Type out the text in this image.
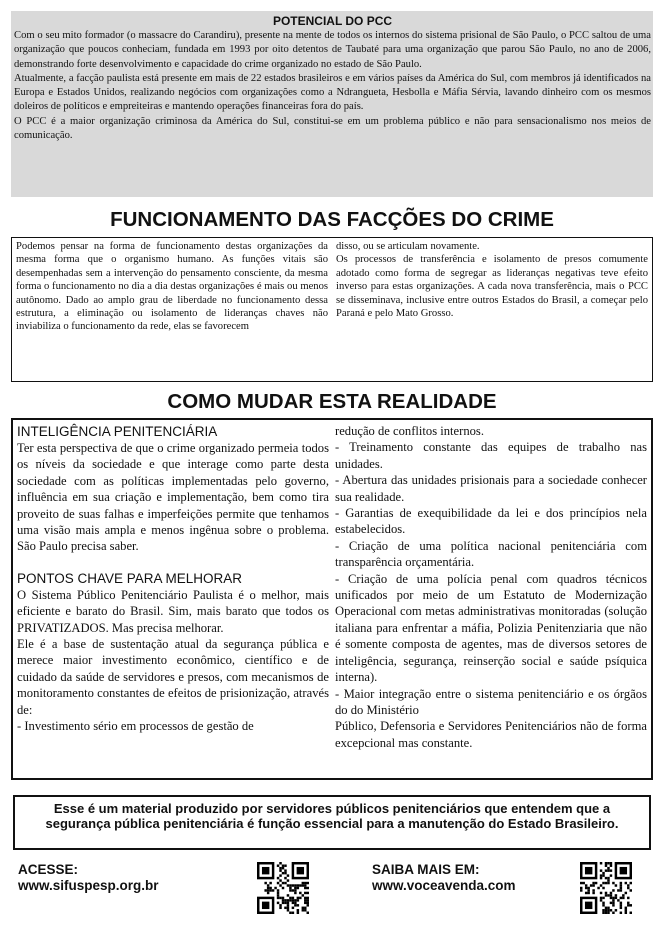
POTENCIAL DO PCC

Com o seu mito formador (o massacre do Carandiru), presente na mente de todos os internos do sistema prisional de São Paulo, o PCC saltou de uma organização que poucos conheciam, fundada em 1993 por oito detentos de Taubaté para uma organização que parou São Paulo, no ano de 2006, demonstrando forte desenvolvimento e capacidade do crime organizado no estado de São Paulo.

Atualmente, a facção paulista está presente em mais de 22 estados brasileiros e em vários países da América do Sul, com membros já identificados na Europa e Estados Unidos, realizando negócios com organizações como a Ndrangueta, Hesbolla e Máfia Sérvia, lavando dinheiro com os mesmos doleiros de políticos e empreiteiras e mantendo operações financeiras fora do país.

O PCC é a maior organização criminosa da América do Sul, constitui-se em um problema público e não para sensacionalismo nos meios de comunicação.

FUNCIONAMENTO DAS FACÇÕES DO CRIME

Podemos pensar na forma de funcionamento destas organizações da mesma forma que o organismo humano. As funções vitais são desempenhadas sem a intervenção do pensamento consciente, da mesma forma o funcionamento no dia a dia destas organizações é mais ou menos autônomo. Dado ao amplo grau de liberdade no funcionamento dessa estrutura, a eliminação ou isolamento de lideranças chaves não inviabiliza o funcionamento da rede, elas se favorecem

disso, ou se articulam novamente.

Os processos de transferência e isolamento de presos comumente adotado como forma de segregar as lideranças negativas teve efeito inverso para estas organizações. A cada nova transferência, mais o PCC se disseminava, inclusive entre outros Estados do Brasil, a começar pelo Paraná e pelo Mato Grosso.

COMO MUDAR ESTA REALIDADE
INTELIGÊNCIA PENITENCIÁRIA

Ter esta perspectiva de que o crime organizado permeia todos os níveis da sociedade e que interage como parte desta sociedade com as políticas implementadas pelo governo, influência em sua criação e implementação, bem como tira proveito de suas falhas e imperfeições permite que tenhamos uma visão mais ampla e menos ingênua sobre o problema. São Paulo precisa saber.

PONTOS CHAVE PARA MELHORAR

O Sistema Público Penitenciário Paulista é o melhor, mais eficiente e barato do Brasil. Sim, mais barato que todos os PRIVATIZADOS. Mas precisa melhorar.

Ele é a base de sustentação atual da segurança pública e merece maior investimento econômico, científico e de cuidado da saúde de servidores e presos, com mecanismos de monitoramento constantes de efeitos de prisionização, através de:

- Investimento sério em processos de gestão de

redução de conflitos internos.

- Treinamento constante das equipes de trabalho nas unidades.

- Abertura das unidades prisionais para a sociedade conhecer sua realidade.

- Garantias de exequibilidade da lei e dos princípios nela estabelecidos.

- Criação de uma política nacional penitenciária com transparência orçamentária.

- Criação de uma polícia penal com quadros técnicos unificados por meio de um Estatuto de Modernização Operacional com metas administrativas monitoradas (solução italiana para enfrentar a máfia, Polizia Penitenziaria que não é somente composta de agentes, mas de diversos setores de inteligência, segurança, reinserção social e saúde psíquica interna).

- Maior integração entre o sistema penitenciário e os órgãos do do Ministério

Público, Defensoria e Servidores Penitenciários não de forma excepcional mas constante.

Esse é um material produzido por servidores públicos penitenciários que entendem que a segurança pública penitenciária é função essencial para a manutenção do Estado Brasileiro.
ACESSE:
www.sifuspesp.org.br
SAIBA MAIS EM:
www.voceavenda.com
